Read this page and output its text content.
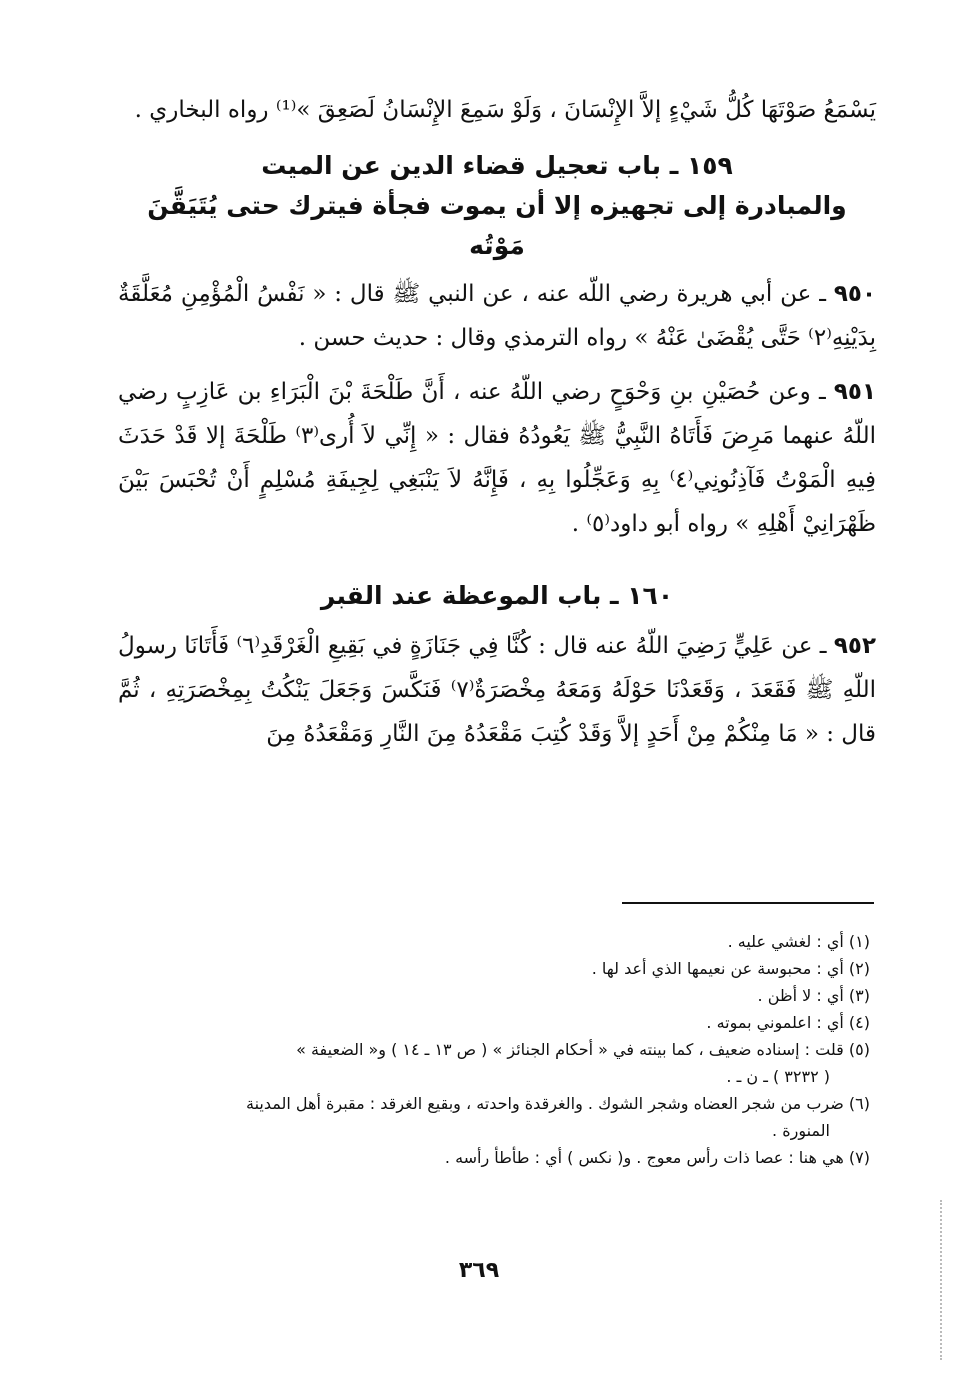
يَسْمَعُ صَوْتَهَا كُلُّ شَيْءٍ إلاَّ الإِنْسَانَ ، وَلَوْ سَمِعَ الإِنْسَانُ لَصَعِقَ »⁽¹⁾ رواه البخاري .

١٥٩ ـ باب تعجيل قضاء الدين عن الميت

والمبادرة إلى تجهيزه إلا أن يموت فجأة فيترك حتى يُتَيَقَّنَ مَوْتُه

٩٥٠ ـ عن أبي هريرة رضي اللّه عنه ، عن النبي ﷺ قال : « نَفْسُ الْمُؤْمِنِ مُعَلَّقَةٌ بِدَيْنِهِ⁽٢⁾ حَتَّى يُقْضَىٰ عَنْهُ » رواه الترمذي وقال : حديث حسن .

٩٥١ ـ وعن حُصَيْنِ بنِ وَحْوَحٍ رضي اللّهُ عنه ، أَنَّ طَلْحَةَ بْنَ الْبَرَاءِ بن عَازِبٍ رضي اللّهُ عنهما مَرِضَ فَأَتَاهُ النَّبِيُّ ﷺ يَعُودُهُ فقال : « إِنِّي لاَ أُرى⁽٣⁾ طَلْحَةَ إلا قَدْ حَدَثَ فِيهِ الْمَوْتُ فَآذِنُونِي⁽٤⁾ بِهِ وَعَجِّلُوا بِهِ ، فَإِنَّهُ لاَ يَنْبَغِي لِجِيفَةِ مُسْلِمٍ أَنْ تُحْبَسَ بَيْنَ ظَهْرَانِيْ أَهْلِهِ » رواه أبو داود⁽٥⁾ .

١٦٠ ـ باب الموعظة عند القبر

٩٥٢ ـ عن عَلِيٍّ رَضِيَ اللّهُ عنه قال : كُنَّا فِي جَنَازَةٍ في بَقِيعِ الْغَرْقَدِ⁽٦⁾ فَأَتَانَا رسولُ اللّهِ ﷺ فَقَعَدَ ، وَقَعَدْنَا حَوْلَهُ وَمَعَهُ مِخْصَرَةٌ⁽٧⁾ فَنَكَّسَ وَجَعَلَ يَنْكُتُ بِمِخْصَرَتِهِ ، ثُمَّ قال : « مَا مِنْكُمْ مِنْ أَحَدٍ إلاَّ وَقَدْ كُتِبَ مَقْعَدُهُ مِنَ النَّارِ وَمَقْعَدُهُ مِنَ

(١) أي : لغشي عليه .

(٢) أي : محبوسة عن نعيمها الذي أعد لها .

(٣) أي : لا أظن .

(٤) أي : اعلموني بموته .

(٥) قلت : إسناده ضعيف ، كما بينته في « أحكام الجنائز » ( ص ١٣ ـ ١٤ ) و« الضعيفة »

( ٣٢٣٢ ) ـ ن ـ .

(٦) ضرب من شجر العضاه وشجر الشوك . والغرقدة واحدته ، وبقيع الغرقد : مقبرة أهل المدينة

المنورة .

(٧) هي هنا : عصا ذات رأس معوج . و( نكس ) أي : طأطأ رأسه .

٣٦٩
